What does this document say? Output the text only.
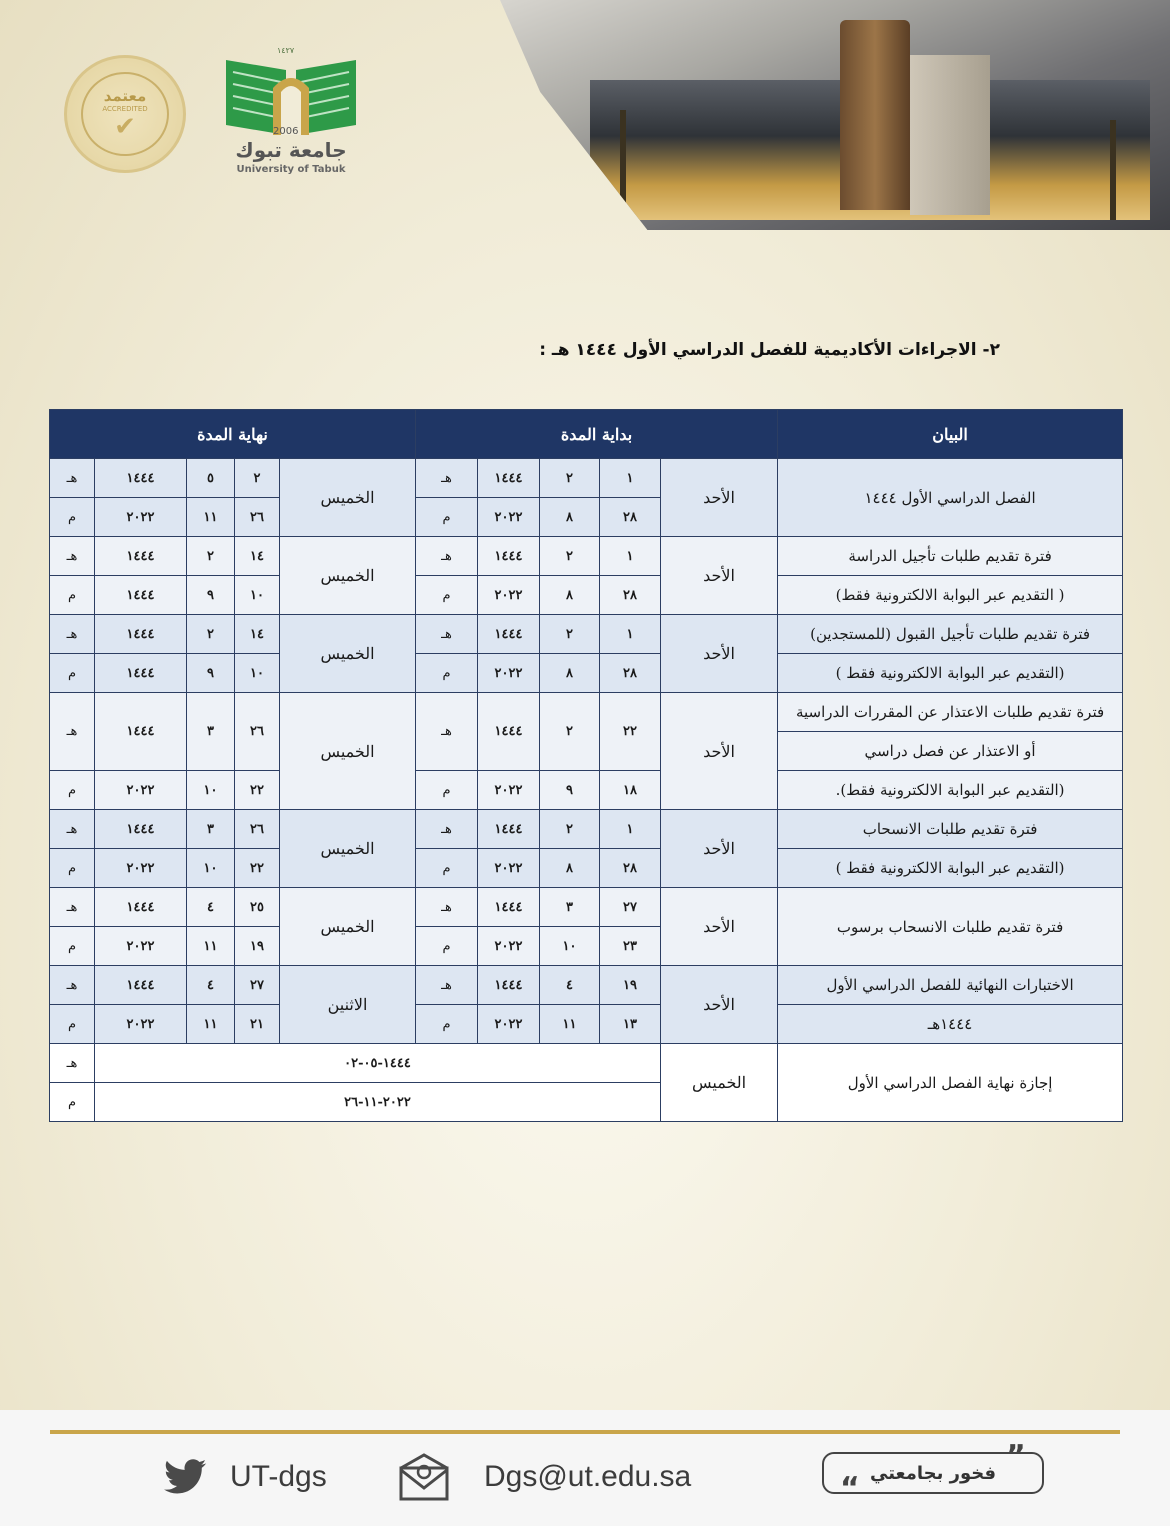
معتمد
ACCREDITED
✔
١٤٢٧
2006
جامعة تبوك
University of Tabuk
٢- الاجراءات الأكاديمية للفصل الدراسي الأول ١٤٤٤ هـ :
نهاية المدة					بداية المدة					البيان
هـ	١٤٤٤	٥	٢	الخميس	هـ	١٤٤٤	٢	١	الأحد	الفصل الدراسي الأول ١٤٤٤
م	٢٠٢٢	١١	٢٦		م	٢٠٢٢	٨	٢٨		
هـ	١٤٤٤	٢	١٤	الخميس	هـ	١٤٤٤	٢	١	الأحد	فترة تقديم طلبات تأجيل الدراسة
م	١٤٤٤	٩	١٠		م	٢٠٢٢	٨	٢٨		( التقديم عبر البوابة الالكترونية فقط)
هـ	١٤٤٤	٢	١٤	الخميس	هـ	١٤٤٤	٢	١	الأحد	فترة تقديم طلبات تأجيل القبول (للمستجدين)
م	١٤٤٤	٩	١٠		م	٢٠٢٢	٨	٢٨		(التقديم عبر البوابة الالكترونية فقط )
هـ	١٤٤٤	٣	٢٦	الخميس	هـ	١٤٤٤	٢	٢٢	الأحد	فترة تقديم طلبات الاعتذار عن المقررات الدراسية
										أو الاعتذار عن فصل دراسي
م	٢٠٢٢	١٠	٢٢		م	٢٠٢٢	٩	١٨		(التقديم عبر البوابة الالكترونية فقط).
هـ	١٤٤٤	٣	٢٦	الخميس	هـ	١٤٤٤	٢	١	الأحد	فترة تقديم طلبات الانسحاب
م	٢٠٢٢	١٠	٢٢		م	٢٠٢٢	٨	٢٨		(التقديم عبر البوابة الالكترونية فقط )
هـ	١٤٤٤	٤	٢٥	الخميس	هـ	١٤٤٤	٣	٢٧	الأحد	فترة تقديم طلبات الانسحاب برسوب
م	٢٠٢٢	١١	١٩		م	٢٠٢٢	١٠	٢٣		
هـ	١٤٤٤	٤	٢٧	الاثنين	هـ	١٤٤٤	٤	١٩	الأحد	الاختبارات النهائية للفصل الدراسي الأول
م	٢٠٢٢	١١	٢١		م	٢٠٢٢	١١	١٣		١٤٤٤هـ
هـ	١٤٤٤-٠٥-٠٢								الخميس	إجازة نهاية الفصل الدراسي الأول
م	٢٠٢٢-١١-٢٦									
UT-dgs	Dgs@ut.edu.sa
”
فخور بجامعتي
“
